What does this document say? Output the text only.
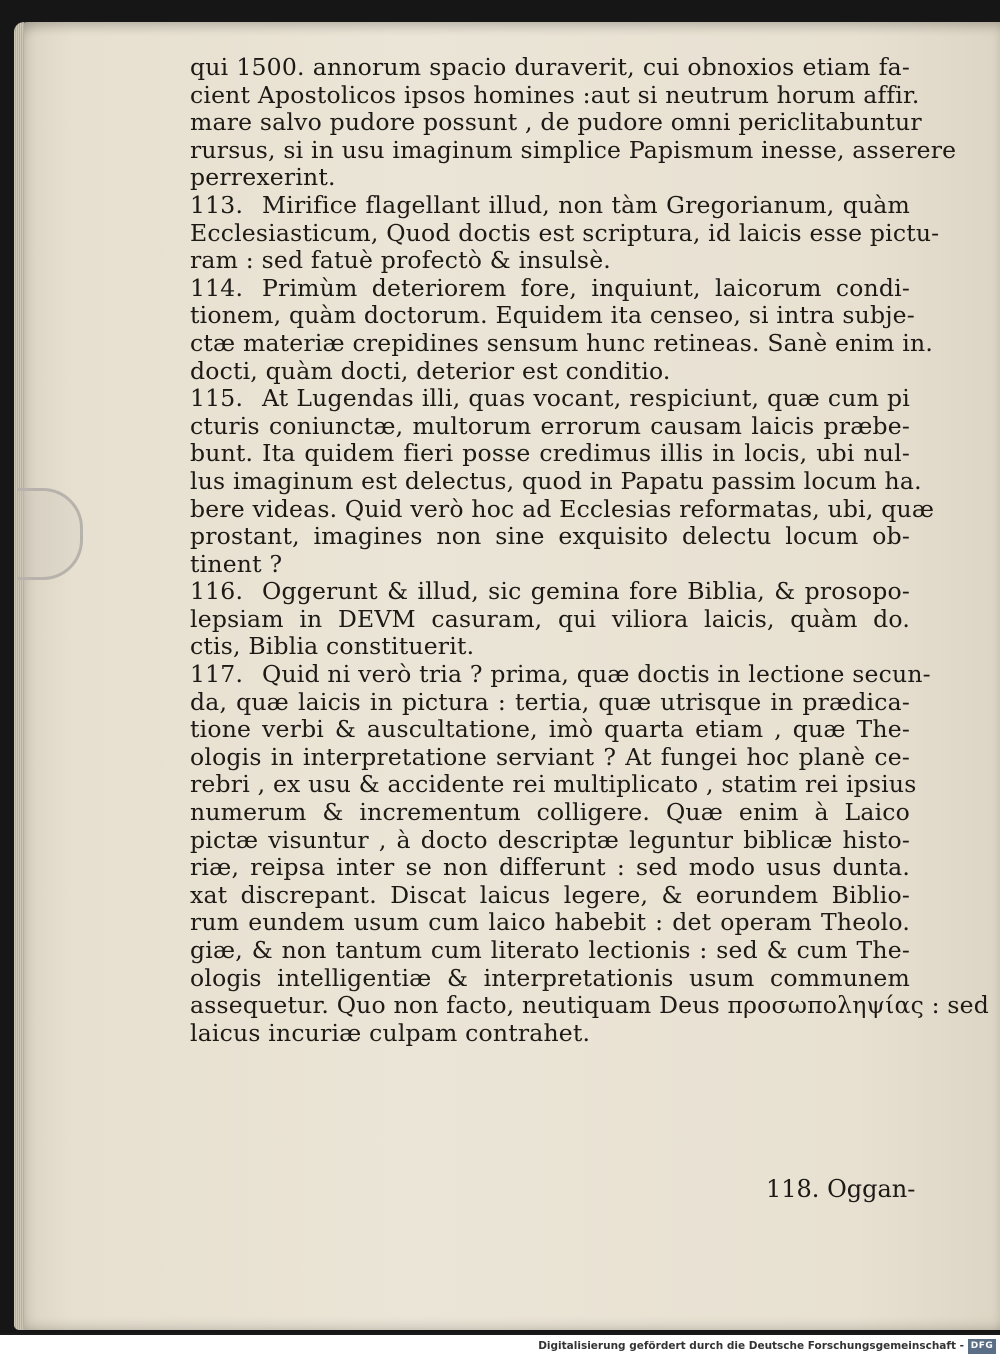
qui 1500. annorum spacio duraverit, cui obnoxios etiam fa-
cient Apostolicos ipsos homines :aut si neutrum horum affir.
mare salvo pudore possunt , de pudore omni periclitabuntur
rursus, si in usu imaginum simplice Papismum inesse, asserere
perrexerint.
113. Mirifice flagellant illud, non tàm Gregorianum, quàm
Ecclesiasticum, Quod doctis est scriptura, id laicis esse pictu-
ram : sed fatuè profectò & insulsè.
114. Primùm deteriorem fore, inquiunt, laicorum condi-
tionem, quàm doctorum. Equidem ita censeo, si intra subje-
ctæ materiæ crepidines sensum hunc retineas. Sanè enim in.
docti, quàm docti, deterior est conditio.
115. At Lugendas illi, quas vocant, respiciunt, quæ cum pi
cturis coniunctæ, multorum errorum causam laicis præbe-
bunt. Ita quidem fieri posse credimus illis in locis, ubi nul-
lus imaginum est delectus, quod in Papatu passim locum ha.
bere videas. Quid verò hoc ad Ecclesias reformatas, ubi, quæ
prostant, imagines non sine exquisito delectu locum ob-
tinent ?
116. Oggerunt & illud, sic gemina fore Biblia, & prosopo-
lepsiam in DEVM casuram, qui viliora laicis, quàm do.
ctis, Biblia constituerit.
117. Quid ni verò tria ? prima, quæ doctis in lectione secun-
da, quæ laicis in pictura : tertia, quæ utrisque in prædica-
tione verbi & auscultatione, imò quarta etiam , quæ The-
ologis in interpretatione serviant ? At fungei hoc planè ce-
rebri , ex usu & accidente rei multiplicato , statim rei ipsius
numerum & incrementum colligere. Quæ enim à Laico
pictæ visuntur , à docto descriptæ leguntur biblicæ histo-
riæ, reipsa inter se non differunt : sed modo usus dunta.
xat discrepant. Discat laicus legere, & eorundem Biblio-
rum eundem usum cum laico habebit : det operam Theolo.
giæ, & non tantum cum literato lectionis : sed & cum The-
ologis intelligentiæ & interpretationis usum communem
assequetur. Quo non facto, neutiquam Deus προσωποληψίας : sed
laicus incuriæ culpam contrahet.
118. Oggan-
Digitalisierung gefördert durch die Deutsche Forschungsgemeinschaft - DFG
